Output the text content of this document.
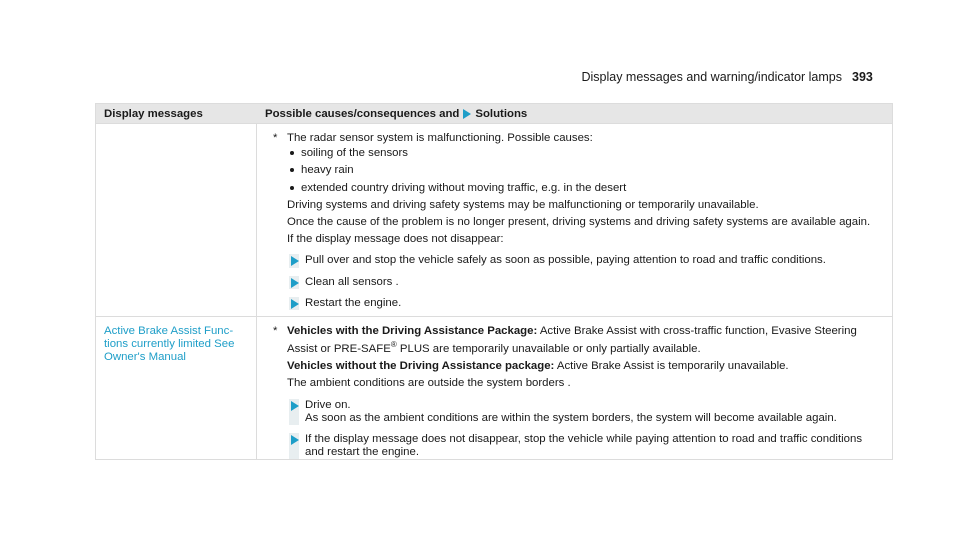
Display messages and warning/indicator lamps 393
Display messages	Possible causes/consequences and Solutions
* The radar sensor system is malfunctioning. Possible causes:
soiling of the sensors
heavy rain
extended country driving without moving traffic, e.g. in the desert

Driving systems and driving safety systems may be malfunctioning or temporarily unavailable.

Once the cause of the problem is no longer present, driving systems and driving safety systems are available again.

If the display message does not disappear:

Pull over and stop the vehicle safely as soon as possible, paying attention to road and traffic conditions.
Clean all sensors .
Restart the engine.
Active Brake Assist Func-tions currently limited See Owner's Manual
* Vehicles with the Driving Assistance Package: Active Brake Assist with cross-traffic function, Evasive Steering Assist or PRE-SAFE® PLUS are temporarily unavailable or only partially available.

Vehicles without the Driving Assistance package: Active Brake Assist is temporarily unavailable.

The ambient conditions are outside the system borders .

Drive on.
As soon as the ambient conditions are within the system borders, the system will become available again.
If the display message does not disappear, stop the vehicle while paying attention to road and traffic conditions and restart the engine.
